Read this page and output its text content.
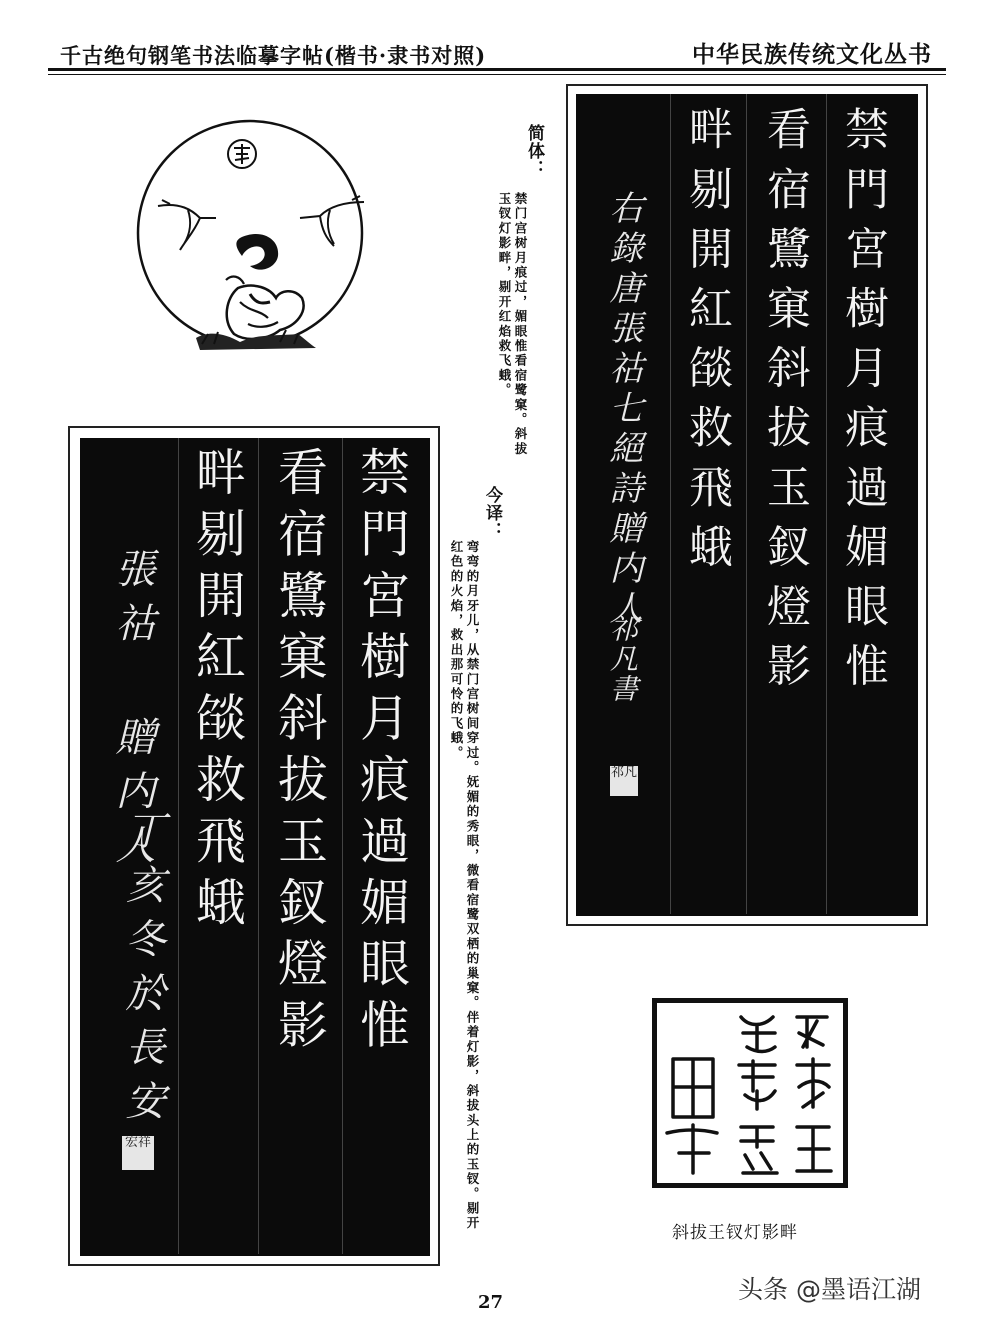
千古绝句钢笔书法临摹字帖(楷书·隶书对照)	中华民族传统文化丛书
禁門宮樹月痕過媚眼惟
看宿鷺窠斜拔玉釵燈影
畔剔開紅燄救飛蛾
右錄唐張祜七絕詩贈内人
祁凡書
祁凡
禁門宮樹月痕過媚眼惟
看宿鷺窠斜拔玉釵燈影
畔剔開紅燄救飛蛾
張祜 贈内人
丁亥冬於長安
宏祥
简体：
禁门宫树月痕过，媚眼惟看宿鹭窠。斜拔玉钗灯影畔，剔开红焰救飞蛾。
今译：
弯弯的月牙儿，从禁门宫树间穿过。妩媚的秀眼，微看宿鹭双栖的巢窠。伴着灯影，斜拔头上的玉钗。剔开红色的火焰，救出那可怜的飞蛾。
斜拔王钗灯影畔
27	头条 @墨语江湖
